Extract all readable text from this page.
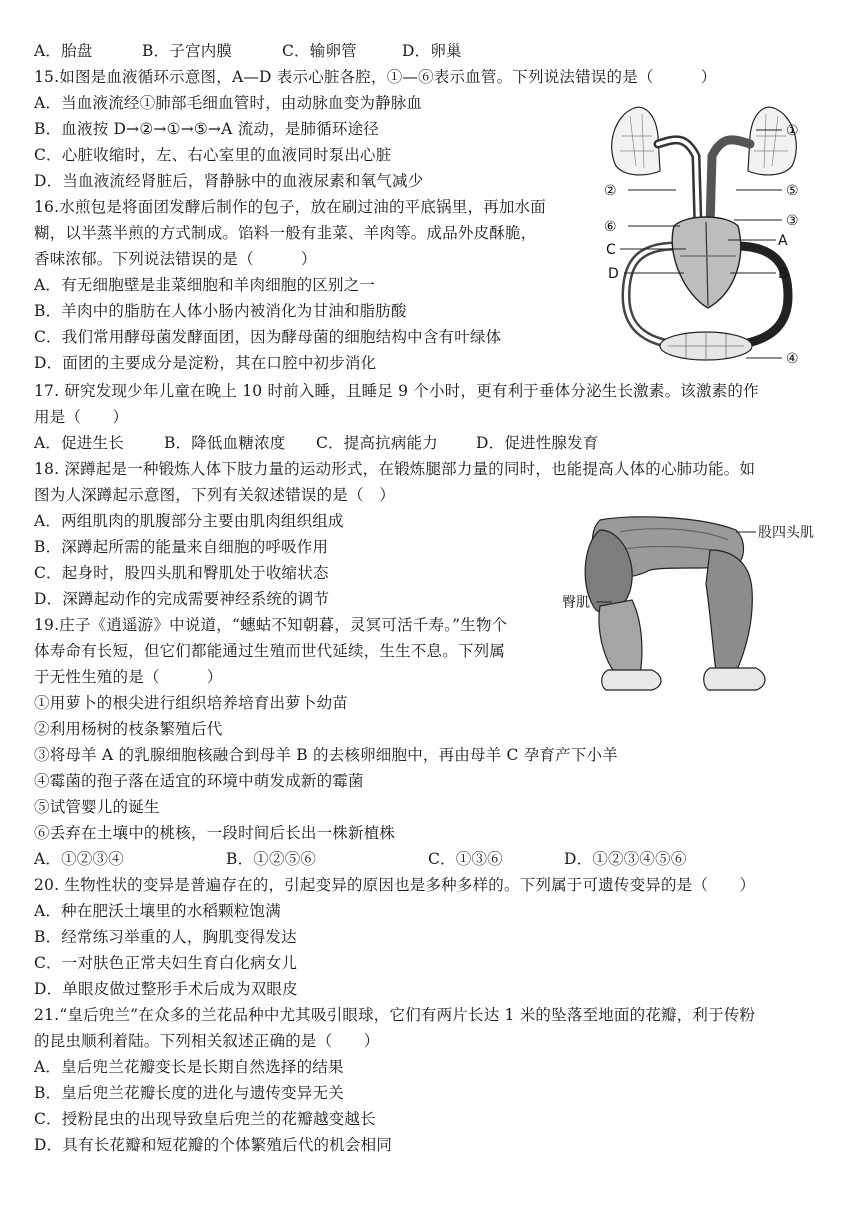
A．胎盘	B．子宫内膜	C．输卵管	D．卵巢
15.如图是血液循环示意图，A—D 表示心脏各腔，①—⑥表示血管。下列说法错误的是（　　　）
A．当血液流经①肺部毛细血管时，由动脉血变为静脉血
B．血液按 D→②→①→⑤→A 流动，是肺循环途径
C．心脏收缩时，左、右心室里的血液同时泵出心脏
D．当血液流经肾脏后，肾静脉中的血液尿素和氧气减少
16.水煎包是将面团发酵后制作的包子，放在刷过油的平底锅里，再加水面
糊，以半蒸半煎的方式制成。馅料一般有韭菜、羊肉等。成品外皮酥脆，
香味浓郁。下列说法错误的是（　　　）
A．有无细胞壁是韭菜细胞和羊肉细胞的区别之一
B．羊肉中的脂肪在人体小肠内被消化为甘油和脂肪酸
C．我们常用酵母菌发酵面团，因为酵母菌的细胞结构中含有叶绿体
D．面团的主要成分是淀粉，其在口腔中初步消化
17. 研究发现少年儿童在晚上 10 时前入睡，且睡足 9 个小时，更有利于垂体分泌生长激素。该激素的作
用是（　　）
A．促进生长	B．降低血糖浓度 C．提高抗病能力 D．促进性腺发育
18. 深蹲起是一种锻炼人体下肢力量的运动形式，在锻炼腿部力量的同时，也能提高人体的心肺功能。如
图为人深蹲起示意图，下列有关叙述错误的是（　）
A．两组肌肉的肌腹部分主要由肌肉组织组成
B．深蹲起所需的能量来自细胞的呼吸作用
C．起身时，股四头肌和臀肌处于收缩状态
D．深蹲起动作的完成需要神经系统的调节
19.庄子《逍遥游》中说道，“蟪蛄不知朝暮，灵冥可活千寿。”生物个
体寿命有长短，但它们都能通过生殖而世代延续，生生不息。下列属
于无性生殖的是（　　　）
①用萝卜的根尖进行组织培养培育出萝卜幼苗
②利用杨树的枝条繁殖后代
③将母羊 A 的乳腺细胞核融合到母羊 B 的去核卵细胞中，再由母羊 C 孕育产下小羊
④霉菌的孢子落在适宜的环境中萌发成新的霉菌
⑤试管婴儿的诞生
⑥丢弃在土壤中的桃核，一段时间后长出一株新植株
A．①②③④	B．①②⑤⑥	C．①③⑥	D．①②③④⑤⑥
20. 生物性状的变异是普遍存在的，引起变异的原因也是多种多样的。下列属于可遗传变异的是（　　）
A．种在肥沃土壤里的水稻颗粒饱满
B．经常练习举重的人，胸肌变得发达
C．一对肤色正常夫妇生育白化病女儿
D．单眼皮做过整形手术后成为双眼皮
21.“皇后兜兰”在众多的兰花品种中尤其吸引眼球，它们有两片长达 1 米的坠落至地面的花瓣，利于传粉
的昆虫顺利着陆。下列相关叙述正确的是（　　）
A．皇后兜兰花瓣变长是长期自然选择的结果
B．皇后兜兰花瓣长度的进化与遗传变异无关
C．授粉昆虫的出现导致皇后兜兰的花瓣越变越长
D．具有长花瓣和短花瓣的个体繁殖后代的机会相同
①
②	⑤
⑥	③
A
C
D	B
④
股四头肌
臀肌
